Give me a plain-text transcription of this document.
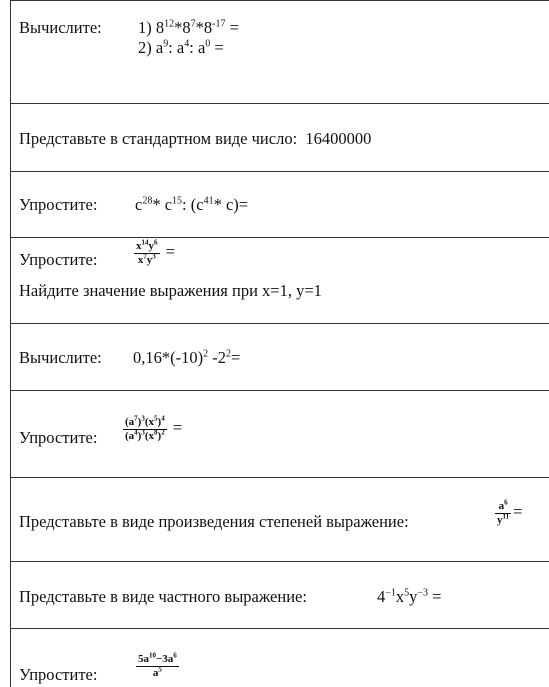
Вычислите: 1) $8^{12}*8^7*8^{-17}$ =
2) $a^9$: $a^4$: $a^0$ =
Представьте в стандартном виде число: 16400000
Упростите: $c^{28}*$ $c^{15}$: ($c^{41}*$ c)=
Упростите:	$\frac{x^{14}y^6}{x^7y^3}$ =
Найдите значение выражения при x=1, y=1
Вычислите: $0,16*(-10)^2$ $-2^2=$
Упростите: $\frac{(a^7)^3(x^5)^4}{(a^4)^3(x^8)^2}$ =
Представьте в виде произведения степеней выражение:	$\frac{a^6}{y^{11}}$ =
Представьте в виде частного выражение:	$4^{-1}x^5y^{-3}$ =
Упростите:	$\frac{5a^{10}-3a^6}{a^5}$
